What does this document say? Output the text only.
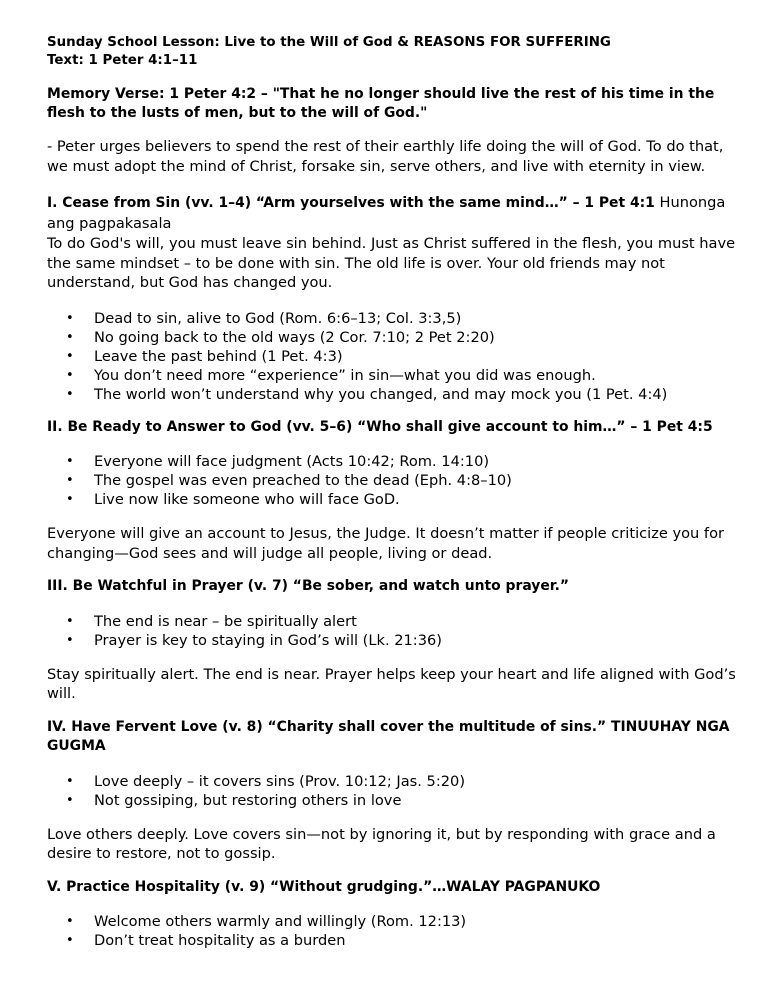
Sunday School Lesson: Live to the Will of God & REASONS FOR SUFFERING
Text: 1 Peter 4:1–11

Memory Verse: 1 Peter 4:2 – "That he no longer should live the rest of his time in the flesh to the lusts of men, but to the will of God."

- Peter urges believers to spend the rest of their earthly life doing the will of God. To do that, we must adopt the mind of Christ, forsake sin, serve others, and live with eternity in view.

I. Cease from Sin (vv. 1–4) “Arm yourselves with the same mind…” – 1 Pet 4:1 Hunonga ang pagpakasala

To do God's will, you must leave sin behind. Just as Christ suffered in the flesh, you must have the same mindset – to be done with sin. The old life is over. Your old friends may not understand, but God has changed you.

• Dead to sin, alive to God (Rom. 6:6–13; Col. 3:3,5)
• No going back to the old ways (2 Cor. 7:10; 2 Pet 2:20)
• Leave the past behind (1 Pet. 4:3)
• You don’t need more “experience” in sin—what you did was enough.
• The world won’t understand why you changed, and may mock you (1 Pet. 4:4)

II. Be Ready to Answer to God (vv. 5–6) “Who shall give account to him…” – 1 Pet 4:5

• Everyone will face judgment (Acts 10:42; Rom. 14:10)
• The gospel was even preached to the dead (Eph. 4:8–10)
• Live now like someone who will face GoD.

Everyone will give an account to Jesus, the Judge. It doesn’t matter if people criticize you for changing—God sees and will judge all people, living or dead.

III. Be Watchful in Prayer (v. 7) “Be sober, and watch unto prayer.”

• The end is near – be spiritually alert
• Prayer is key to staying in God’s will (Lk. 21:36)

Stay spiritually alert. The end is near. Prayer helps keep your heart and life aligned with God’s will.

IV. Have Fervent Love (v. 8) “Charity shall cover the multitude of sins.” TINUUHAY NGA GUGMA

• Love deeply – it covers sins (Prov. 10:12; Jas. 5:20)
• Not gossiping, but restoring others in love

Love others deeply. Love covers sin—not by ignoring it, but by responding with grace and a desire to restore, not to gossip.

V. Practice Hospitality (v. 9) “Without grudging.”…WALAY PAGPANUKO

• Welcome others warmly and willingly (Rom. 12:13)
• Don’t treat hospitality as a burden
